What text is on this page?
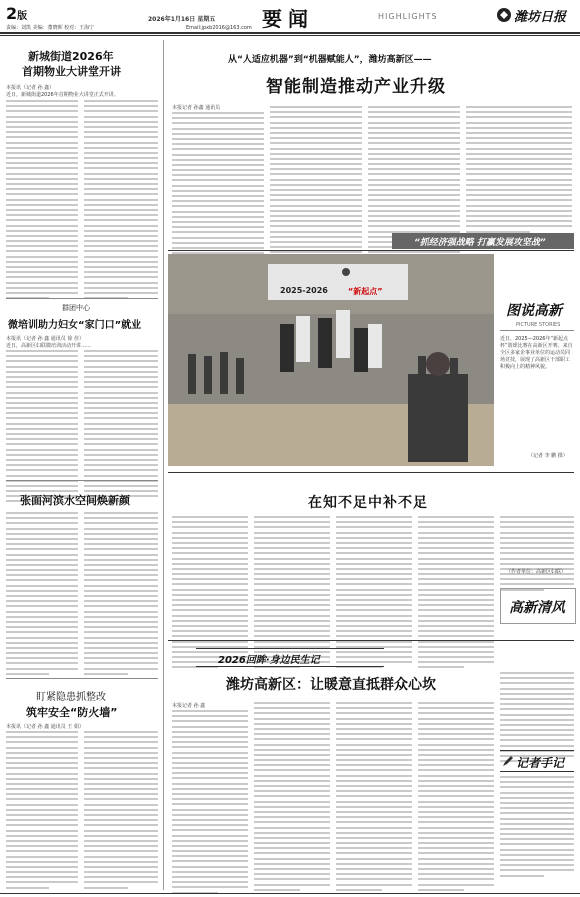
2版
责编：刘凯 美编：董晓晖 校对：王海宁
2026年1月16日 星期五 要闻	HIGHLIGHTS	潍坊日报
Email:jpxb2016@163.com
新城街道2026年
首期物业大讲堂开讲
本报讯（记者 孙 鑫）
近日，新城街道2026年首期物业大讲堂正式开讲。
群团中心
微培训助力妇女“家门口”就业
本报讯（记者 孙 鑫 通讯员 徐 佳）
近日，高新区妇联微培训活动开讲……
张面河滨水空间焕新颜
盯紧隐患抓整改
筑牢安全“防火墙”
本报讯（记者 孙 鑫 通讯员 王 娟）
从“人适应机器”到“机器赋能人”，潍坊高新区——
智能制造推动产业升级
本报记者 孙鑫 通讯员
“抓经济强战略 打赢发展攻坚战”
2025-2026	“新起点”
图说高新
PICTURE STORIES
近日，2025—2026年“新起点杯”篮球比赛在高新区开赛。来自全区多家企事业单位的运动员同场竞技，展现了高新区干部职工积极向上的精神风貌。
（记者 李 鹏 摄）
在知不足中补不足
（作者单位：高新区妇联）
高新清风
2026回眸·身边民生记
潍坊高新区：让暖意直抵群众心坎
本报记者 孙 鑫
记者手记
